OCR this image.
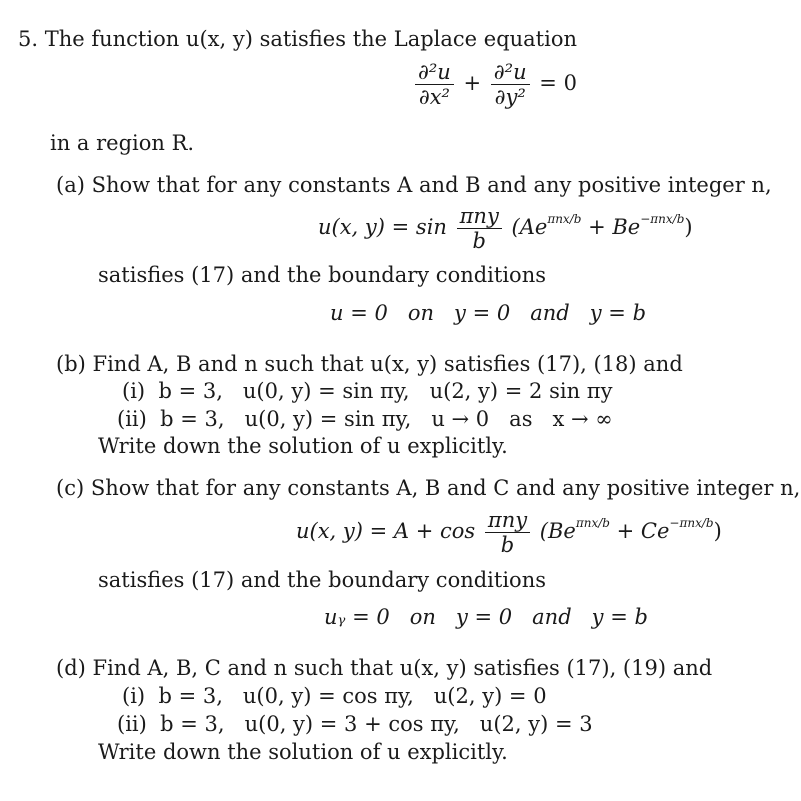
5. The function u(x, y) satisfies the Laplace equation
$\frac{\text{∂²u}}{\text{∂x²}} + \frac{\text{∂²u}}{\text{∂y²}} = 0$
in a region R.
(a) Show that for any constants A and B and any positive integer n,
u(x, $y) = \sin \frac{\text{πny}}{b} (Ae^{\pi nx/b} + Be^{-\pi nx/b})$
satisfies (17) and the boundary conditions
u = 0   on   y = 0   and   y = b
(b) Find A, B and n such that u(x, y) satisfies (17), (18) and
(i)  b = 3,   u(0, y) = sin πy,   u(2, y) = 2 sin πy
(ii)  b = 3,   u(0, y) = sin πy,   u → 0   as   x → ∞
Write down the solution of u explicitly.
(c) Show that for any constants A, B and C and any positive integer n,
u(x, $y) = A + \cos \frac{\text{πny}}{b} (Be^{\pi nx/b} + Ce^{-\pi nx/b})$
satisfies (17) and the boundary conditions
uᵧ = 0   on   y = 0   and   y = b
(d) Find A, B, C and n such that u(x, y) satisfies (17), (19) and
(i)  b = 3,   u(0, y) = cos πy,   u(2, y) = 0
(ii)  b = 3,   u(0, y) = 3 + cos πy,   u(2, y) = 3
Write down the solution of u explicitly.
